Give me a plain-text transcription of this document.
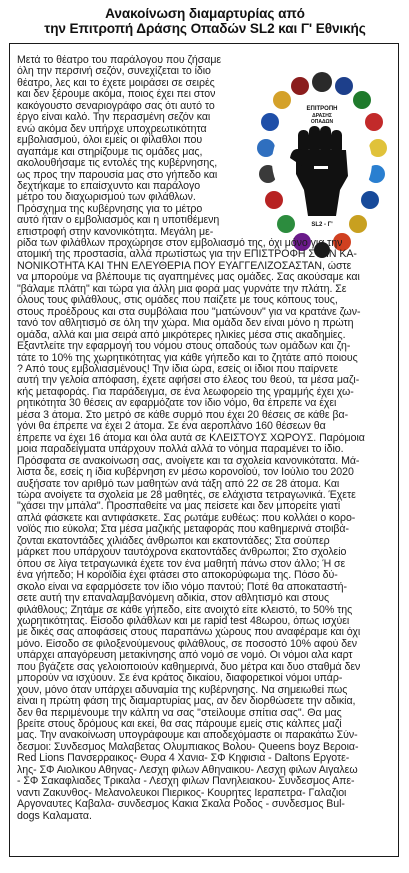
Ανακοίνωση διαμαρτυρίας από
την Επιτροπή Δράσης Οπαδών SL2 και Γ' Εθνικής
ΕΠΙΤΡΟΠΗ
ΔΡΑΣΗΣ
ΟΠΑΔΩΝ
SL2 - Γ'
Μετά το θέατρο του παράλογου που ζήσαμε
όλη την περσινή σεζόν, συνεχίζεται το ίδιο
θέατρο, λες και το έχετε μοιράσει σε σειρές
και δεν ξέρουμε ακόμα, ποιος έχει πει στον
κακόγουστο σεναριογράφο σας ότι αυτό το
έργο είναι καλό. Την περασμένη σεζόν και
ενώ ακόμα δεν υπήρχε υποχρεωτικότητα
εμβολιασμού, όλοι εμείς οι φίλαθλοι που
αγαπάμε και στηρίζουμε τις ομάδες μας,
ακολουθήσαμε τις εντολές της κυβέρνησης,
ως προς την παρουσία μας στο γήπεδο και
δεχτήκαμε το επαίσχυντο και παράλογο
μέτρο του διαχωρισμού των φιλάθλων.
Πρόσχημα της κυβέρνησης για το μέτρο
αυτό ήταν ο εμβολιασμός και η υποτιθέμενη
επιστροφή στην κανονικότητα. Μεγάλη με-
ρίδα των φιλάθλων προχώρησε στον εμβολιασμό της, όχι μόνο για την
ατομική της προστασία, αλλά πρωτίστως για την ΕΠΙΣΤΡΟΦΗ ΣΤΗΝ ΚΑ-
ΝΟΝΙΚΟΤΗΤΑ ΚΑΙ ΤΗΝ ΕΛΕΥΘΕΡΙΑ ΠΟΥ ΕΥΑΓΓΕΛΙΖΟΣΑΣΤΑΝ, ώστε
να μπορούμε να βλέπουμε τις αγαπημένες μας ομάδες. Σας ακούσαμε και
"βάλαμε πλάτη" και τώρα για άλλη μια φορά μας γυρνάτε την πλάτη. Σε
όλους τους φιλάθλους, στις ομάδες που παίζετε με τους κόπους τους,
στους προέδρους και στα συμβόλαια που "ματώνουν" για να κρατάνε ζων-
τανό τον αθλητισμό σε όλη την χώρα. Μια ομάδα δεν είναι μόνο η πρώτη
ομάδα, αλλά και μια σειρά από μικρότερες ηλικίες μέσα στις ακαδημίες.
Εξαντλείτε την εφαρμογή του νόμου στους οπαδούς των ομάδων και ζη-
τάτε το 10% της χωρητικότητας για κάθε γήπεδο και το ζητάτε από ποιους
? Από τους εμβολιασμένους! Την ίδια ώρα, εσείς οι ίδιοι που παίρνετε
αυτή την γελοία απόφαση, έχετε αφήσει στο έλεος του θεού, τα μέσα μαζι-
κής μεταφοράς. Για παράδειγμα, σε ένα λεωφορείο της γραμμής έχει χω-
ρητικότητα 30 θέσεις αν εφαρμόζατε τον ίδιο νόμο, θα έπρεπε να έχει
μέσα 3 άτομα. Στο μετρό σε κάθε συρμό που έχει 20 θέσεις σε κάθε βα-
γόνι θα έπρεπε να έχει 2 άτομα. Σε ένα αεροπλάνο 160 θέσεων θα
έπρεπε να έχει 16 άτομα και όλα αυτά σε ΚΛΕΙΣΤΟΥΣ ΧΩΡΟΥΣ. Παρόμοια
μοια παραδείγματα υπάρχουν πολλά αλλά το νόημα παραμένει το ίδιο.
Πρόσφατα σε ανακοίνωση σας, ανοίγετε και τα σχολεία κανονικότατα. Μά-
λιστα δε, εσείς η ίδια κυβέρνηση εν μέσω κορονοϊού, τον Ιούλιο του 2020
αυξήσατε τον αριθμό των μαθητών ανά τάξη από 22 σε 28 άτομα. Και
τώρα ανοίγετε τα σχολεία με 28 μαθητές, σε ελάχιστα τετραγωνικά. Έχετε
"χάσει την μπάλα". Προσπαθείτε να μας πείσετε και δεν μπορείτε γιατί
απλά φάσκετε και αντιφάσκετε. Σας ρωτάμε ευθέως: που κολλάει ο κορο-
νοϊός πιο εύκολα; Στα μέσα μαζικής μεταφοράς που καθημερινά στοιβά-
ζονται εκατοντάδες χιλιάδες άνθρωποι και εκατοντάδες; Στα σούπερ
μάρκετ που υπάρχουν ταυτόχρονα εκατοντάδες άνθρωποι; Στο σχολείο
όπου σε λίγα τετραγωνικά έχετε τον ένα μαθητή πάνω στον άλλο; Ή σε
ένα γήπεδο; Η κοροϊδία έχει φτάσει στο αποκορύφωμα της. Πόσο δύ-
σκολο είναι να εφαρμόσετε τον ίδιο νόμο παντού; Ποτέ θα αποκαταστή-
σετε αυτή την επαναλαμβανόμενη αδικία, στον αθλητισμό και στους
φιλάθλους; Ζητάμε σε κάθε γήπεδο, είτε ανοιχτό είτε κλειστό, το 50% της
χωρητικότητας. Είσοδο φιλάθλων και με rapid test 48ωρου, όπως ισχύει
με δικές σας αποφάσεις στους παραπάνω χώρους που αναφέραμε και όχι
μόνο. Είσοδο σε φιλοξενούμενους φιλάθλους, σε ποσοστό 10% αφού δεν
υπάρχει απαγόρευση μετακίνησης από νομό σε νομό. Οι νόμοι αλα καρτ
που βγάζετε σας γελοιοποιούν καθημερινά, δυο μέτρα και δυο σταθμά δεν
μπορούν να ισχύουν. Σε ένα κράτος δικαίου, διαφορετικοί νόμοι υπάρ-
χουν, μόνο όταν υπάρχει αδυναμία της κυβέρνησης. Να σημειωθεί πως
είναι η πρώτη φάση της διαμαρτυρίας μας, αν δεν διορθώσετε την αδικία,
δεν θα περιμένουμε την κάλπη να σας "στείλουμε σπίτια σας". Θα μας
βρείτε στους δρόμους και εκεί, θα σας πάρουμε εμείς στις κάλπες μαζί
μας. Την ανακοίνωση υπογράφουμε και αποδεχόμαστε οι παρακάτω Σύν-
δεσμοι: Συνδεσμος Μαλαβετας Ολυμπιακος Βολου- Queens boyz Βεροια-
Red Lions Πανσερραικος- Θυρα 4 Χανια- ΣΦ Κηφισια - Daltons Εργοτε-
λης- ΣΦ Αιολικου Αθηνας- Λεσχη φιλων Αθηναικου- Λεσχη φιλων Αιγαλεω
- ΣΦ Σακαφλιαδες Τρικαλα - Λεσχη φιλων Πανηλειακου- Συνδεσμος Απε-
ναντι Ζακυνθος- Μελανολευκοι Πιερικος- Κουρητες Ιεραπετρα- Γαλαζιοι
Αργοναυτες Καβαλα- συνδεσμος Κακια Σκαλα Ροδος - συνδεσμος Bul-
dogs Καλαματα.
